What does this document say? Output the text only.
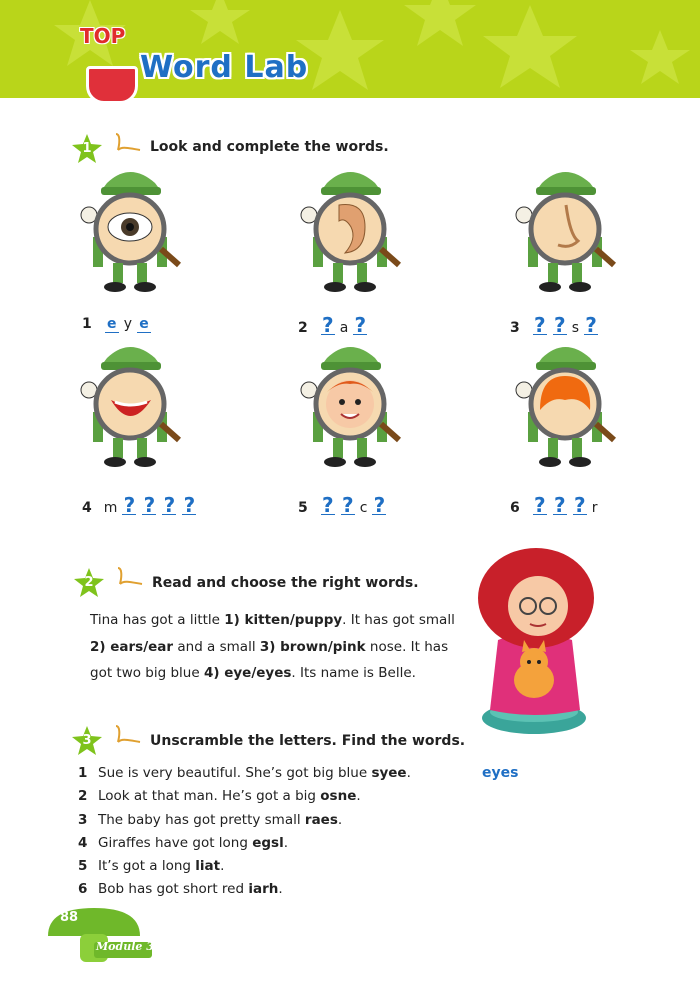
TOP
Word Lab
1	Look and complete the words.
1 e y e	2 ? a ?	3 ? ? s ?
4 m ? ? ? ?	5 ? ? c ?	6 ? ? ? r
2	Read and choose the right words.
Tina has got a little 1) kitten/puppy. It has got small 2) ears/ear and a small 3) brown/pink nose. It has got two big blue 4) eye/eyes. Its name is Belle.
3	Unscramble the letters. Find the words.
1 Sue is very beautiful. She’s got big blue syee.
2 Look at that man. He’s got a big osne.
3 The baby has got pretty small raes.
4 Giraffes have got long egsl.
5 It’s got a long liat.
6 Bob has got short red iarh.
eyes
88
Module 3
